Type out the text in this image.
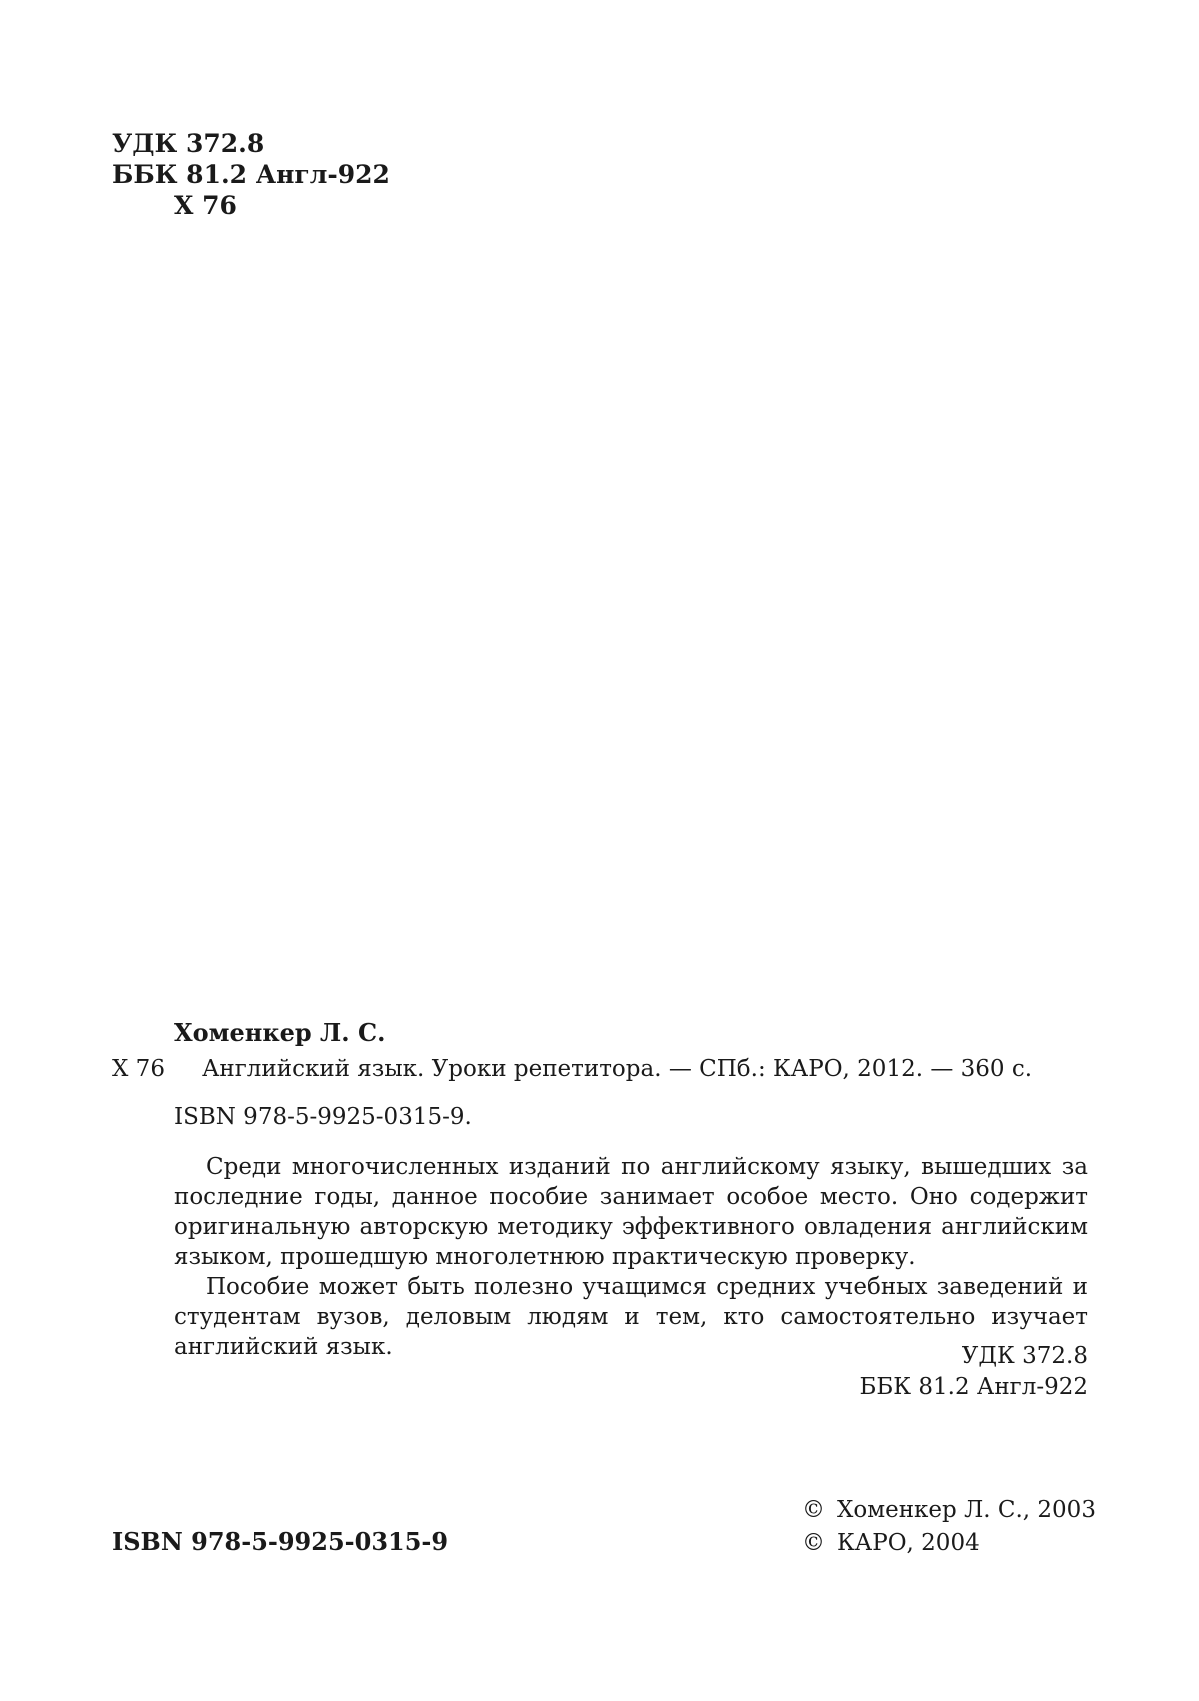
УДК 372.8
ББК 81.2 Англ-922
Х 76
Хоменкер Л. С.
Х 76	Английский язык. Уроки репетитора. — СПб.: КАРО, 2012. — 360 с.
ISBN 978-5-9925-0315-9.

Среди многочисленных изданий по английскому языку, вышедших за последние годы, данное пособие занимает особое место. Оно содержит оригинальную авторскую методику эффективного овладения английским языком, прошедшую многолетнюю практическую проверку.

Пособие может быть полезно учащимся средних учебных заведений и студентам вузов, деловым людям и тем, кто самостоятельно изучает английский язык.	УДК 372.8
ББК 81.2 Англ-922
ISBN 978-5-9925-0315-9
© Хоменкер Л. С., 2003
© КАРО, 2004
